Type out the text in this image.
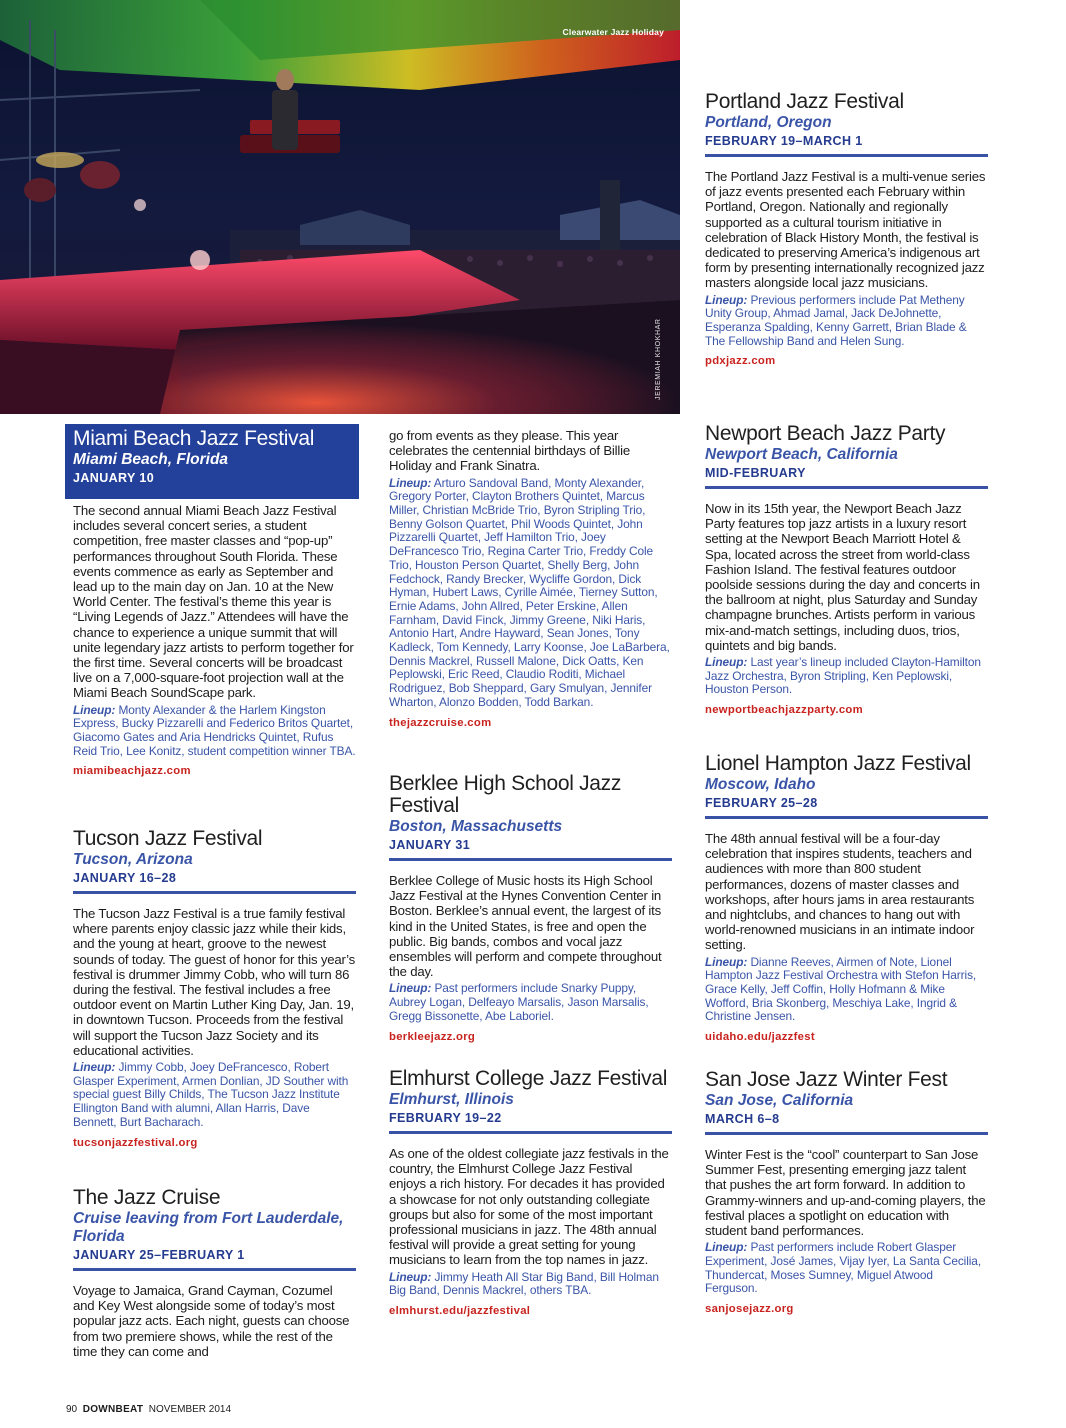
Clearwater Jazz Holiday
JEREMIAH KHOKHAR
Miami Beach Jazz Festival
Miami Beach, Florida
JANUARY 10

The second annual Miami Beach Jazz Festival includes several concert series, a student competition, free master classes and “pop-up” performances throughout South Florida. These events commence as early as September and lead up to the main day on Jan. 10 at the New World Center. The festival’s theme this year is “Living Legends of Jazz.” Attendees will have the chance to experience a unique summit that will unite legendary jazz artists to perform together for the first time. Several concerts will be broadcast live on a 7,000-square-foot projection wall at the Miami Beach SoundScape park.

Lineup: Monty Alexander & the Harlem Kingston Express, Bucky Pizzarelli and Federico Britos Quartet, Giacomo Gates and Aria Hendricks Quintet, Rufus Reid Trio, Lee Konitz, student competition winner TBA.

miamibeachjazz.com
Tucson Jazz Festival
Tucson, Arizona
JANUARY 16–28

The Tucson Jazz Festival is a true family festival where parents enjoy classic jazz while their kids, and the young at heart, groove to the newest sounds of today. The guest of honor for this year’s festival is drummer Jimmy Cobb, who will turn 86 during the festival. The festival includes a free outdoor event on Martin Luther King Day, Jan. 19, in downtown Tucson. Proceeds from the festival will support the Tucson Jazz Society and its educational activities.

Lineup: Jimmy Cobb, Joey DeFrancesco, Robert Glasper Experiment, Armen Donlian, JD Souther with special guest Billy Childs, The Tucson Jazz Institute Ellington Band with alumni, Allan Harris, Dave Bennett, Burt Bacharach.

tucsonjazzfestival.org
The Jazz Cruise
Cruise leaving from Fort Lauderdale, Florida
JANUARY 25–FEBRUARY 1

Voyage to Jamaica, Grand Cayman, Cozumel and Key West alongside some of today’s most popular jazz acts. Each night, guests can choose from two premiere shows, while the rest of the time they can come and

go from events as they please. This year celebrates the centennial birthdays of Billie Holiday and Frank Sinatra.

Lineup: Arturo Sandoval Band, Monty Alexander, Gregory Porter, Clayton Brothers Quintet, Marcus Miller, Christian McBride Trio, Byron Stripling Trio, Benny Golson Quartet, Phil Woods Quintet, John Pizzarelli Quartet, Jeff Hamilton Trio, Joey DeFrancesco Trio, Regina Carter Trio, Freddy Cole Trio, Houston Person Quartet, Shelly Berg, John Fedchock, Randy Brecker, Wycliffe Gordon, Dick Hyman, Hubert Laws, Cyrille Aimée, Tierney Sutton, Ernie Adams, John Allred, Peter Erskine, Allen Farnham, David Finck, Jimmy Greene, Niki Haris, Antonio Hart, Andre Hayward, Sean Jones, Tony Kadleck, Tom Kennedy, Larry Koonse, Joe LaBarbera, Dennis Mackrel, Russell Malone, Dick Oatts, Ken Peplowski, Eric Reed, Claudio Roditi, Michael Rodriguez, Bob Sheppard, Gary Smulyan, Jennifer Wharton, Alonzo Bodden, Todd Barkan.

thejazzcruise.com
Berklee High School Jazz Festival
Boston, Massachusetts
JANUARY 31

Berklee College of Music hosts its High School Jazz Festival at the Hynes Convention Center in Boston. Berklee’s annual event, the largest of its kind in the United States, is free and open the public. Big bands, combos and vocal jazz ensembles will perform and compete throughout the day.

Lineup: Past performers include Snarky Puppy, Aubrey Logan, Delfeayo Marsalis, Jason Marsalis, Gregg Bissonette, Abe Laboriel.

berkleejazz.org
Elmhurst College Jazz Festival
Elmhurst, Illinois
FEBRUARY 19–22

As one of the oldest collegiate jazz festivals in the country, the Elmhurst College Jazz Festival enjoys a rich history. For decades it has provided a showcase for not only outstanding collegiate groups but also for some of the most important professional musicians in jazz. The 48th annual festival will provide a great setting for young musicians to learn from the top names in jazz.

Lineup: Jimmy Heath All Star Big Band, Bill Holman Big Band, Dennis Mackrel, others TBA.

elmhurst.edu/jazzfestival
Portland Jazz Festival
Portland, Oregon
FEBRUARY 19–MARCH 1

The Portland Jazz Festival is a multi-venue series of jazz events presented each February within Portland, Oregon. Nationally and regionally supported as a cultural tourism initiative in celebration of Black History Month, the festival is dedicated to preserving America’s indigenous art form by presenting internationally recognized jazz masters alongside local jazz musicians.

Lineup: Previous performers include Pat Metheny Unity Group, Ahmad Jamal, Jack DeJohnette, Esperanza Spalding, Kenny Garrett, Brian Blade & The Fellowship Band and Helen Sung.

pdxjazz.com
Newport Beach Jazz Party
Newport Beach, California
MID-FEBRUARY

Now in its 15th year, the Newport Beach Jazz Party features top jazz artists in a luxury resort setting at the Newport Beach Marriott Hotel & Spa, located across the street from world-class Fashion Island. The festival features outdoor poolside sessions during the day and concerts in the ballroom at night, plus Saturday and Sunday champagne brunches. Artists perform in various mix-and-match settings, including duos, trios, quintets and big bands.

Lineup: Last year’s lineup included Clayton-Hamilton Jazz Orchestra, Byron Stripling, Ken Peplowski, Houston Person.

newportbeachjazzparty.com
Lionel Hampton Jazz Festival
Moscow, Idaho
FEBRUARY 25–28

The 48th annual festival will be a four-day celebration that inspires students, teachers and audiences with more than 800 student performances, dozens of master classes and workshops, after hours jams in area restaurants and nightclubs, and chances to hang out with world-renowned musicians in an intimate indoor setting.

Lineup: Dianne Reeves, Airmen of Note, Lionel Hampton Jazz Festival Orchestra with Stefon Harris, Grace Kelly, Jeff Coffin, Holly Hofmann & Mike Wofford, Bria Skonberg, Meschiya Lake, Ingrid & Christine Jensen.

uidaho.edu/jazzfest
San Jose Jazz Winter Fest
San Jose, California
MARCH 6–8

Winter Fest is the “cool” counterpart to San Jose Summer Fest, presenting emerging jazz talent that pushes the art form forward. In addition to Grammy-winners and up-and-coming players, the festival places a spotlight on education with student band performances.

Lineup: Past performers include Robert Glasper Experiment, José James, Vijay Iyer, La Santa Cecilia, Thundercat, Moses Sumney, Miguel Atwood Ferguson.

sanjosejazz.org
90 DOWNBEAT NOVEMBER 2014
